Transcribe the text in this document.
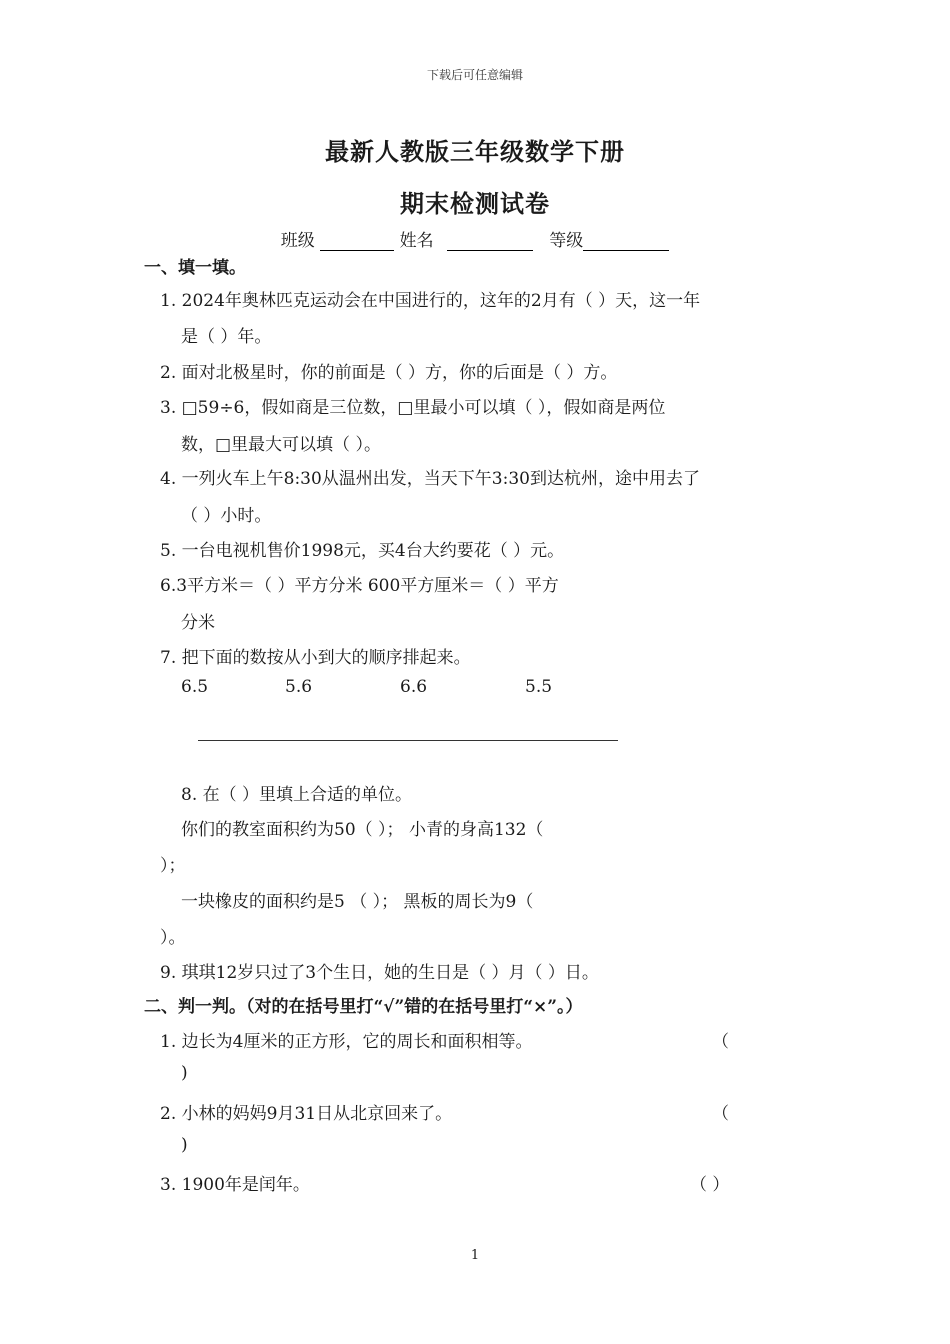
下载后可任意编辑
最新人教版三年级数学下册
期末检测试卷
班级	姓名	等级
一、填一填。
1. 2024年奥林匹克运动会在中国进行的，这年的2月有（ ）天，这一年
是（ ）年。
2. 面对北极星时，你的前面是（ ）方，你的后面是（ ）方。
3. □59÷6，假如商是三位数，□里最小可以填（ ），假如商是两位
数，□里最大可以填（ ）。
4. 一列火车上午8:30从温州出发，当天下午3:30到达杭州，途中用去了
（ ）小时。
5. 一台电视机售价1998元，买4台大约要花（ ）元。
6.3平方米＝（ ）平方分米 600平方厘米＝（ ）平方
分米
7. 把下面的数按从小到大的顺序排起来。
6.5	5.6	6.6	5.5
8. 在（ ）里填上合适的单位。
你们的教室面积约为50（ ）； 小青的身高132（
）；
一块橡皮的面积约是5 （ ）； 黑板的周长为9（
）。
9. 琪琪12岁只过了3个生日，她的生日是（ ）月（ ）日。
二、判一判。（对的在括号里打“√”错的在括号里打“×”。）
1. 边长为4厘米的正方形，它的周长和面积相等。	（
)
2. 小林的妈妈9月31日从北京回来了。	（
)
3. 1900年是闰年。	（ ）
1
